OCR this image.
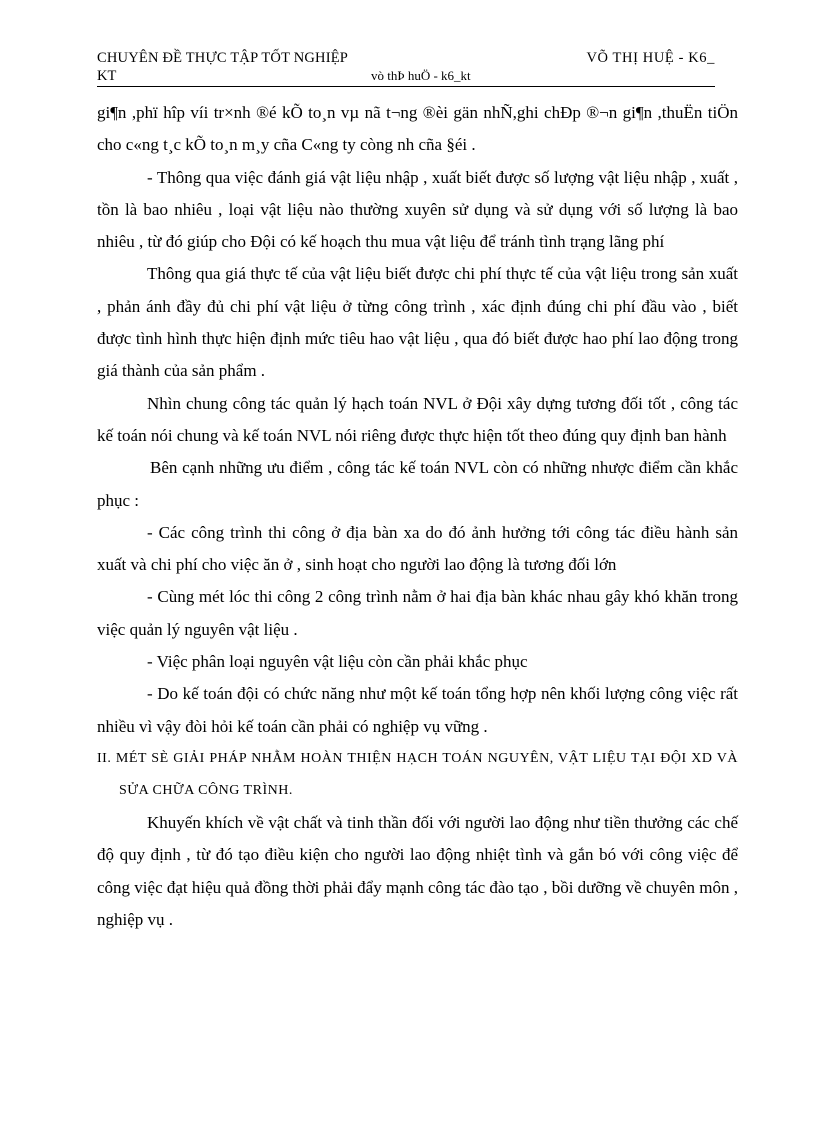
CHUYÊN ĐỀ THỰC TẬP TỐT NGHIỆP	VÕ THỊ HUỆ - K6_
KT	vò thÞ huÖ - k6_kt

gi¶n ,phï hîp víi tr×nh ®é kÕ to¸n vµ nã t¬ng ®èi gän nhÑ,ghi chÐp ®¬n gi¶n ,thuËn tiÖn cho c«ng t¸c kÕ to¸n m¸y cña C«ng ty còng nh cña §éi .

- Thông qua việc đánh giá vật liệu nhập , xuất biết được số lượng vật liệu nhập , xuất , tồn là bao nhiêu , loại vật liệu nào thường xuyên sử dụng và sử dụng với số lượng là bao nhiêu , từ đó giúp cho Đội có kế hoạch thu mua vật liệu để tránh tình trạng lãng phí

Thông qua giá thực tế của vật liệu biết được chi phí thực tế của vật liệu trong sản xuất , phản ánh đầy đủ chi phí vật liệu ở từng công trình , xác định đúng chi phí đầu vào , biết được tình hình thực hiện định mức tiêu hao vật liệu , qua đó biết được hao phí lao động trong giá thành của sản phẩm .

Nhìn chung công tác quản lý hạch toán NVL ở Đội xây dựng tương đối tốt , công tác kế toán nói chung và kế toán NVL nói riêng được thực hiện tốt theo đúng quy định ban hành

Bên cạnh những ưu điểm , công tác kế toán NVL còn có những nhược điểm cần khắc phục :

- Các công trình thi công ở địa bàn xa do đó ảnh hưởng tới công tác điều hành sản xuất và chi phí cho việc ăn ở , sinh hoạt cho người lao động là tương đối lớn

- Cùng mét lóc thi công 2 công trình nằm ở hai địa bàn khác nhau gây khó khăn trong việc quản lý nguyên vật liệu .

- Việc phân loại nguyên vật liệu còn cần phải khắc phục

- Do kế toán đội có chức năng như một kế toán tổng hợp nên khối lượng công việc rất nhiều vì vậy đòi hỏi kế toán cần phải có nghiệp vụ vững .

II. MÉT SÈ GIẢI PHÁP NHẰM HOÀN THIỆN HẠCH TOÁN NGUYÊN, VẬT LIỆU TẠI ĐỘI XD VÀ SỬA CHỮA CÔNG TRÌNH.

Khuyến khích về vật chất và tinh thần đối với người lao động như tiền thưởng các chế độ quy định , từ đó tạo điều kiện cho người lao động nhiệt tình và gắn bó với công việc để công việc đạt hiệu quả đồng thời phải đẩy mạnh công tác đào tạo , bồi dưỡng về chuyên môn , nghiệp vụ .
